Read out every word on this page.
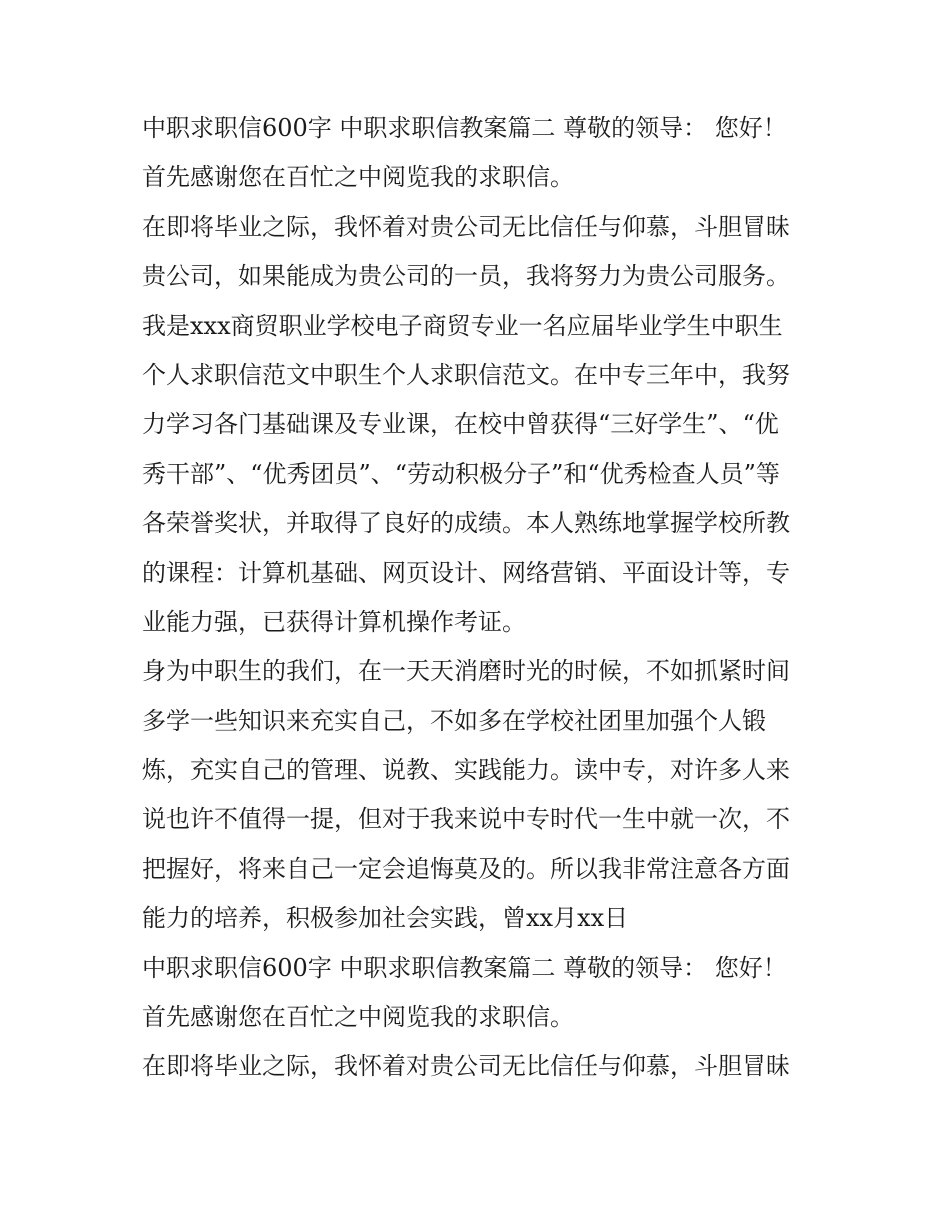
中职求职信600字 中职求职信教案篇二 尊敬的领导： 您好！

首先感谢您在百忙之中阅览我的求职信。

在即将毕业之际，我怀着对贵公司无比信任与仰慕，斗胆冒昧
贵公司，如果能成为贵公司的一员，我将努力为贵公司服务。

我是xxx商贸职业学校电子商贸专业一名应届毕业学生中职生
个人求职信范文中职生个人求职信范文。在中专三年中，我努
力学习各门基础课及专业课，在校中曾获得“三好学生”、“优
秀干部”、“优秀团员”、“劳动积极分子”和“优秀检查人员”等
各荣誉奖状，并取得了良好的成绩。本人熟练地掌握学校所教
的课程：计算机基础、网页设计、网络营销、平面设计等，专
业能力强，已获得计算机操作考证。

身为中职生的我们，在一天天消磨时光的时候，不如抓紧时间
多学一些知识来充实自己，不如多在学校社团里加强个人锻
炼，充实自己的管理、说教、实践能力。读中专，对许多人来
说也许不值得一提，但对于我来说中专时代一生中就一次，不
把握好，将来自己一定会追悔莫及的。所以我非常注意各方面
能力的培养，积极参加社会实践，曾xx月xx日

中职求职信600字 中职求职信教案篇二 尊敬的领导： 您好！

首先感谢您在百忙之中阅览我的求职信。

在即将毕业之际，我怀着对贵公司无比信任与仰慕，斗胆冒昧
